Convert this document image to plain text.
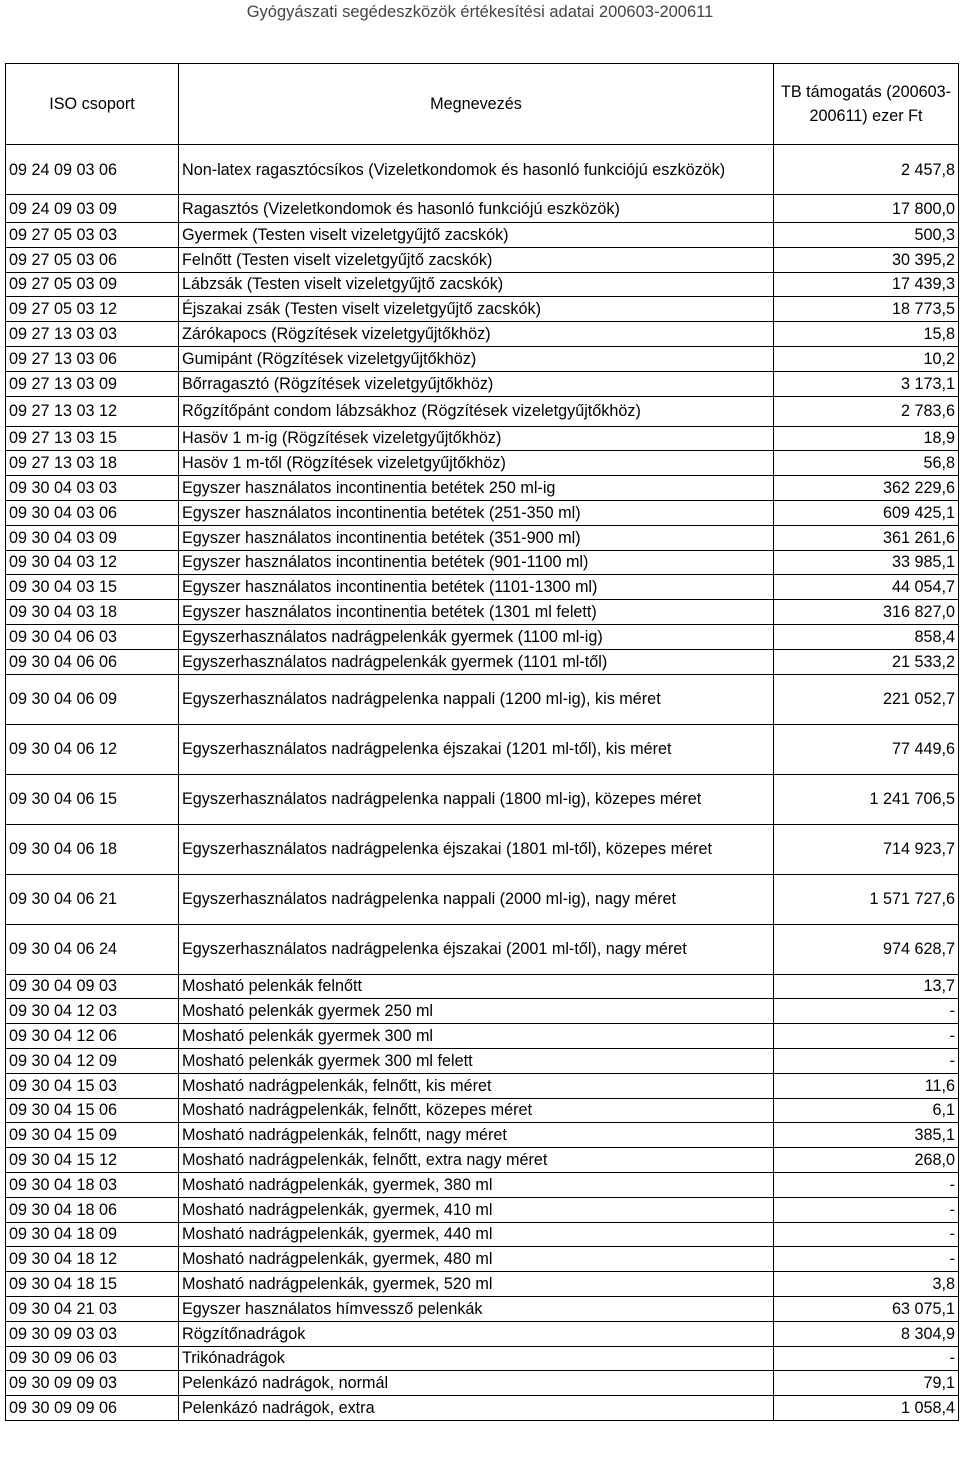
Gyógyászati segédeszközök értékesítési adatai 200603-200611
ISO csoport	Megnevezés	TB támogatás (200603-200611) ezer Ft
09 24 09 03 06	Non-latex ragasztócsíkos (Vizeletkondomok és hasonló funkciójú eszközök)	2 457,8
09 24 09 03 09	Ragasztós (Vizeletkondomok és hasonló funkciójú eszközök)	17 800,0
09 27 05 03 03	Gyermek (Testen viselt vizeletgyűjtő zacskók)	500,3
09 27 05 03 06	Felnőtt (Testen viselt vizeletgyűjtő zacskók)	30 395,2
09 27 05 03 09	Lábzsák (Testen viselt vizeletgyűjtő zacskók)	17 439,3
09 27 05 03 12	Éjszakai zsák (Testen viselt vizeletgyűjtő zacskók)	18 773,5
09 27 13 03 03	Zárókapocs (Rögzítések vizeletgyűjtőkhöz)	15,8
09 27 13 03 06	Gumipánt (Rögzítések vizeletgyűjtőkhöz)	10,2
09 27 13 03 09	Bőrragasztó (Rögzítések vizeletgyűjtőkhöz)	3 173,1
09 27 13 03 12	Rőgzítőpánt condom lábzsákhoz (Rögzítések vizeletgyűjtőkhöz)	2 783,6
09 27 13 03 15	Hasöv 1 m-ig (Rögzítések vizeletgyűjtőkhöz)	18,9
09 27 13 03 18	Hasöv 1 m-től (Rögzítések vizeletgyűjtőkhöz)	56,8
09 30 04 03 03	Egyszer használatos incontinentia betétek 250 ml-ig	362 229,6
09 30 04 03 06	Egyszer használatos incontinentia betétek (251-350 ml)	609 425,1
09 30 04 03 09	Egyszer használatos incontinentia betétek (351-900 ml)	361 261,6
09 30 04 03 12	Egyszer használatos incontinentia betétek (901-1100 ml)	33 985,1
09 30 04 03 15	Egyszer használatos incontinentia betétek (1101-1300 ml)	44 054,7
09 30 04 03 18	Egyszer használatos incontinentia betétek (1301 ml felett)	316 827,0
09 30 04 06 03	Egyszerhasználatos nadrágpelenkák gyermek (1100 ml-ig)	858,4
09 30 04 06 06	Egyszerhasználatos nadrágpelenkák gyermek (1101 ml-től)	21 533,2
09 30 04 06 09	Egyszerhasználatos nadrágpelenka nappali (1200 ml-ig), kis méret	221 052,7
09 30 04 06 12	Egyszerhasználatos nadrágpelenka éjszakai (1201 ml-től), kis méret	77 449,6
09 30 04 06 15	Egyszerhasználatos nadrágpelenka nappali (1800 ml-ig), közepes méret	1 241 706,5
09 30 04 06 18	Egyszerhasználatos nadrágpelenka éjszakai (1801 ml-től), közepes méret	714 923,7
09 30 04 06 21	Egyszerhasználatos nadrágpelenka nappali (2000 ml-ig), nagy méret	1 571 727,6
09 30 04 06 24	Egyszerhasználatos nadrágpelenka éjszakai (2001 ml-től), nagy méret	974 628,7
09 30 04 09 03	Mosható pelenkák felnőtt	13,7
09 30 04 12 03	Mosható pelenkák gyermek 250 ml	-
09 30 04 12 06	Mosható pelenkák gyermek 300 ml	-
09 30 04 12 09	Mosható pelenkák gyermek 300 ml felett	-
09 30 04 15 03	Mosható nadrágpelenkák, felnőtt, kis méret	11,6
09 30 04 15 06	Mosható nadrágpelenkák, felnőtt, közepes méret	6,1
09 30 04 15 09	Mosható nadrágpelenkák, felnőtt, nagy méret	385,1
09 30 04 15 12	Mosható nadrágpelenkák, felnőtt, extra nagy méret	268,0
09 30 04 18 03	Mosható nadrágpelenkák, gyermek, 380 ml	-
09 30 04 18 06	Mosható nadrágpelenkák, gyermek, 410 ml	-
09 30 04 18 09	Mosható nadrágpelenkák, gyermek, 440 ml	-
09 30 04 18 12	Mosható nadrágpelenkák, gyermek, 480 ml	-
09 30 04 18 15	Mosható nadrágpelenkák, gyermek, 520 ml	3,8
09 30 04 21 03	Egyszer használatos hímvessző pelenkák	63 075,1
09 30 09 03 03	Rögzítőnadrágok	8 304,9
09 30 09 06 03	Trikónadrágok	-
09 30 09 09 03	Pelenkázó nadrágok, normál	79,1
09 30 09 09 06	Pelenkázó nadrágok, extra	1 058,4
